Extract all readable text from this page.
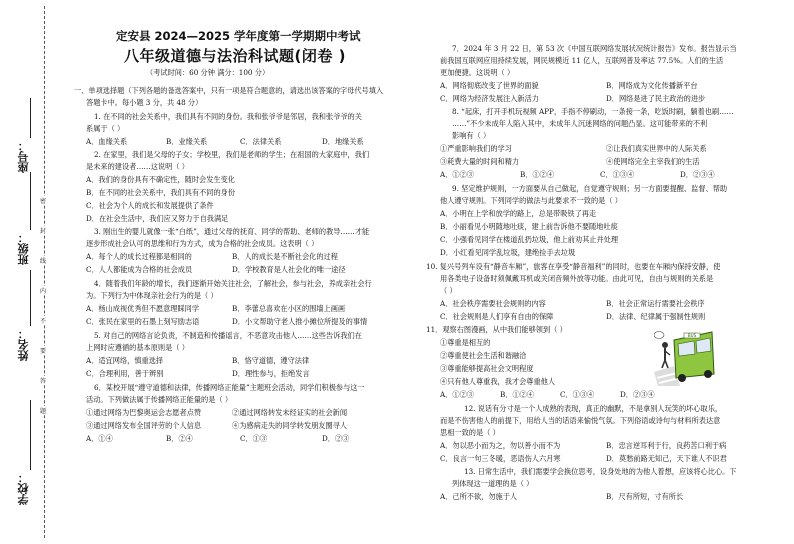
密
封
线
内
不
要
答
题
座号：
班级：
姓名：
学校：
定安县 2024—2025 学年度第一学期期中考试
八年级道德与法治科试题(闭卷 )
（考试时间：60 分钟 满分：100 分）
一、单项选择题（下列各题的备选答案中，只有一项是符合题意的，请选出该答案的字母代号填入
答题卡中。每小题 3 分，共 48 分）
1. 在不同的社会关系中，我们具有不同的身份。我和张爷爷是邻居，我和张爷爷的关
系属于（ ）
A．血缘关系	B．业缘关系	C．法律关系	D．地缘关系
2. 在家里，我们是父母的子女；学校里，我们是老师的学生；在祖国的大家庭中，我们
是未来的建设者……这说明（ ）
A．我们的身份具有不确定性，随时会发生变化
B．在不同的社会关系中，我们具有不同的身份
C．社会为个人的成长和发展提供了条件
D．在社会生活中，我们应又努力于自我满足
3. 刚出生的婴儿就像一张“白纸”，通过父母的抚育、同学的帮助、老师的教导……才能
逐步形成社会认可的思维和行为方式，成为合格的社会成员。这表明（ ）
A．每个人的成长过程都是相同的	B．人的成长是不断社会化的过程
C．人人都能成为合格的社会成员	D．学校教育是人社会化的唯一途径
4．随着我们年龄的增长，我们逐渐开始关注社会，了解社会，参与社会，养成亲社会行
为。下列行为中体现亲社会行为的是（ ）
A．杨山成视优秀但不愿意理睬同学	B．李蕾总喜欢在小区的围墙上画画
C．张民在家里的石墨上刻写励志语	D．小文帮助守老人推小摊位所提及的事情
5. 对自己的网络言论负责，不制造和传播谣言，不恶意攻击他人……这些告诉我们在
上网时应遵循的基本原则是（ ）
A．适宜网络，慎重选择	B．恪守道德，遵守法律
C．合理利用，善于辨别	D．理性参与，拒绝发言
6．某校开展“遵守道德和法律，传播网络正能量”主题班会活动，同学们积极参与这一
活动。下列做法属于传播网络正能量的是（ ）
①通过网络为巴黎奥运会志愿者点赞	②通过网络转发未经证实的社会新闻
③通过网络发布全国评劳的个人信息	④为感病走失的同学转发朋友圈寻人
A．①④	B．②④	C．①③	D．②③
7．2024 年 3 月 22 日，第 53 次《中国互联网络发展状况统计报告》发布。报告显示当
前我国互联网应用持续发展，网民规模近 11 亿人，互联网普及率达 77.5%。人们的生活
更加便捷。这说明（ ）
A．网络彻底改变了世界的面貌	B．网络成为文化传播新平台
C．网络为经济发展注入新活力	D．网络是进了民主政治的进步
8. “起床，打开手机玩视频 APP，手指不停刷动，一条接一条，吃饭时刷，躺着也刷……
……”不少未成年人陷入其中，未成年人沉迷网络的问题凸显。这可能带来的不利
影响有（ ）
①严重影响我们的学习	②让我们真实世界中的人际关系
③耗费大量的时间和精力	④使网络完全主宰我们的生活
A．①②③	B．①②④	C．①③④	D．②③④
9. 坚定维护规则，一方面要从自己做起，自觉遵守规则；另一方面要提醒、监督、帮助
他人遵守规则。下列同学的做法与此要求不一致的是（ ）
A．小明在上学和放学的路上，总是带吸铁了再走
B．小丽看见小明随地吐痰，建上前告诉他不要随地吐痰
C．小强看见同学在楼道乱扔垃圾，他上前劝其止并处理
D．小红看见同学乱垃圾，建绝捡手去垃圾
10. 复兴号列车设有“静音车厢”，旅客在享受“静音福利”的同时，也要在车厢内保持安静，使
用各类电子设备时须佩戴耳机或关闭音频外放等功能。由此可见，自由与规则的关系是
（ ）
A．社会秩序需要社会规则的内容	B．社会正常运行需要社会秩序
C．社会规则是人们享有自由的保障	D．法律、纪律属于强制性规则
11．观察右图漫画，从中我们能够领到（ ）
①尊重是相互的
②尊重使社会生活和谐融洽
③尊重能够提高社会文明程度
④只有他人尊重我，我才会尊重他人
A．①②③	B．①②④	C．①③④	D．②③④
BUS
12. 说话有分寸是一个人成熟的表现，真正的幽默，不是拿别人玩笑的坏心取乐，
而是不伤害他人的前提下，用给人当的话语来愉悦气氛。下列俗语或诗句与材料所表达意
思相一致的是（ ）
A．勿以恶小而为之，勿以善小而不为	B．忠言逆耳利于行，良药苦口利于病
C．良言一句三冬暖，恶语伤人六月寒	D．莫愁前路无知己，天下谁人不识君
13. 日常生活中，我们需要学会换位思考，设身处地的为他人着想，应该将心比心。下
列体现这一道理的是（ ）
A．己所不欲，勿施于人	B．尺有所短，寸有所长
